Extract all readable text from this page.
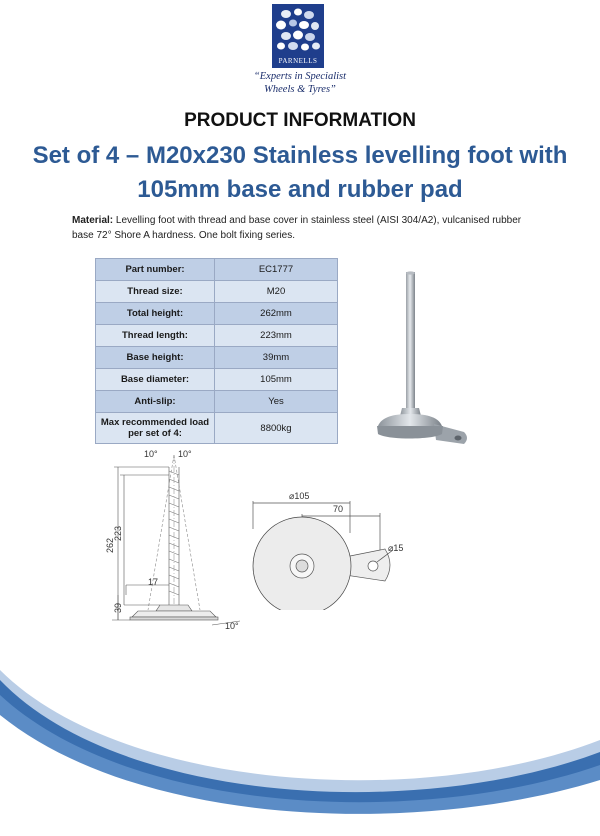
PARNELLS
“Experts in Specialist
Wheels & Tyres”
PRODUCT INFORMATION
Set of 4 – M20x230 Stainless levelling foot with
105mm base and rubber pad
Material: Levelling foot with thread and base cover in stainless steel (AISI 304/A2), vulcanised rubber base 72° Shore A hardness. One bolt fixing series.
Part number:	EC1777
Thread size:	M20
Total height:	262mm
Thread length:	223mm
Base height:	39mm
Base diameter:	105mm
Anti-slip:	Yes
Max recommended load per set of 4:	8800kg
10° 10°
262
223
17
39
10°
⌀105
70
⌀15
